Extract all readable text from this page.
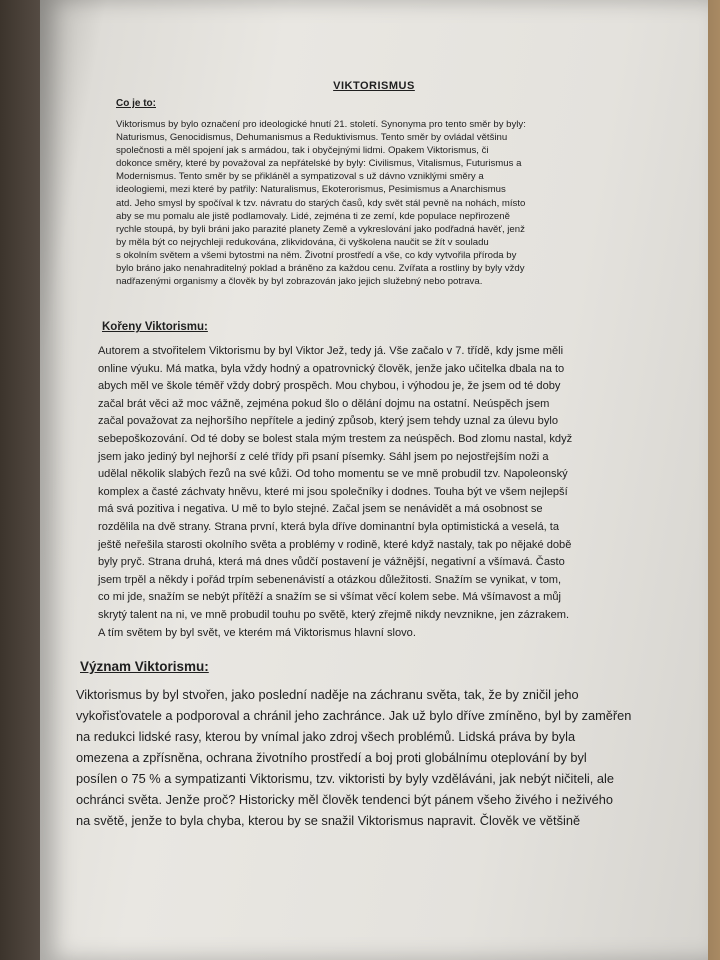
VIKTORISMUS
Co je to:
Viktorismus by bylo označení pro ideologické hnutí 21. století. Synonyma pro tento směr by byly:
Naturismus, Genocidismus, Dehumanismus a Reduktivismus. Tento směr by ovládal většinu
společnosti a měl spojení jak s armádou, tak i obyčejnými lidmi. Opakem Viktorismus, či
dokonce směry, které by považoval za nepřátelské by byly: Civilismus, Vitalismus, Futurismus a
Modernismus. Tento směr by se přikláněl a sympatizoval s už dávno vzniklými směry a
ideologiemi, mezi které by patřily: Naturalismus, Ekoterorismus, Pesimismus a Anarchismus
atd. Jeho smysl by spočíval k tzv. návratu do starých časů, kdy svět stál pevně na nohách, místo
aby se mu pomalu ale jistě podlamovaly. Lidé, zejména ti ze zemí, kde populace nepřirozeně
rychle stoupá, by byli bráni jako parazité planety Země a vykreslování jako podřadná havěť, jenž
by měla být co nejrychleji redukována, zlikvidována, či vyškolena naučit se žít v souladu
s okolním světem a všemi bytostmi na něm. Životní prostředí a vše, co kdy vytvořila příroda by
bylo bráno jako nenahraditelný poklad a bráněno za každou cenu. Zvířata a rostliny by byly vždy
nadřazenými organismy a člověk by byl zobrazován jako jejich služebný nebo potrava.
Kořeny Viktorismu:
Autorem a stvořitelem Viktorismu by byl Viktor Jež, tedy já. Vše začalo v 7. třídě, kdy jsme měli
online výuku. Má matka, byla vždy hodný a opatrovnický člověk, jenže jako učitelka dbala na to
abych měl ve škole téměř vždy dobrý prospěch. Mou chybou, i výhodou je, že jsem od té doby
začal brát věci až moc vážně, zejména pokud šlo o dělání dojmu na ostatní. Neúspěch jsem
začal považovat za nejhoršího nepřítele a jediný způsob, který jsem tehdy uznal za úlevu bylo
sebepoškozování. Od té doby se bolest stala mým trestem za neúspěch. Bod zlomu nastal, když
jsem jako jediný byl nejhorší z celé třídy při psaní písemky. Sáhl jsem po nejostřejším noži a
udělal několik slabých řezů na své kůži. Od toho momentu se ve mně probudil tzv. Napoleonský
komplex a časté záchvaty hněvu, které mi jsou společníky i dodnes. Touha být ve všem nejlepší
má svá pozitiva i negativa. U mě to bylo stejné. Začal jsem se nenávidět a má osobnost se
rozdělila na dvě strany. Strana první, která byla dříve dominantní byla optimistická a veselá, ta
ještě neřešila starosti okolního světa a problémy v rodině, které když nastaly, tak po nějaké době
byly pryč. Strana druhá, která má dnes vůdčí postavení je vážnější, negativní a všímavá. Často
jsem trpěl a někdy i pořád trpím sebenenávistí a otázkou důležitosti. Snažím se vynikat, v tom,
co mi jde, snažím se nebýt přítěží a snažím se si všímat věcí kolem sebe. Má všímavost a můj
skrytý talent na ni, ve mně probudil touhu po světě, který zřejmě nikdy nevznikne, jen zázrakem.
A tím světem by byl svět, ve kterém má Viktorismus hlavní slovo.
Význam Viktorismu:
Viktorismus by byl stvořen, jako poslední naděje na záchranu světa, tak, že by zničil jeho
vykořisťovatele a podporoval a chránil jeho zachránce. Jak už bylo dříve zmíněno, byl by zaměřen
na redukci lidské rasy, kterou by vnímal jako zdroj všech problémů. Lidská práva by byla
omezena a zpřísněna, ochrana životního prostředí a boj proti globálnímu oteplování by byl
posílen o 75 % a sympatizanti Viktorismu, tzv. viktoristi by byly vzděláváni, jak nebýt ničiteli, ale
ochránci světa. Jenže proč? Historicky měl člověk tendenci být pánem všeho živého i neživého
na světě, jenže to byla chyba, kterou by se snažil Viktorismus napravit. Člověk ve většině
